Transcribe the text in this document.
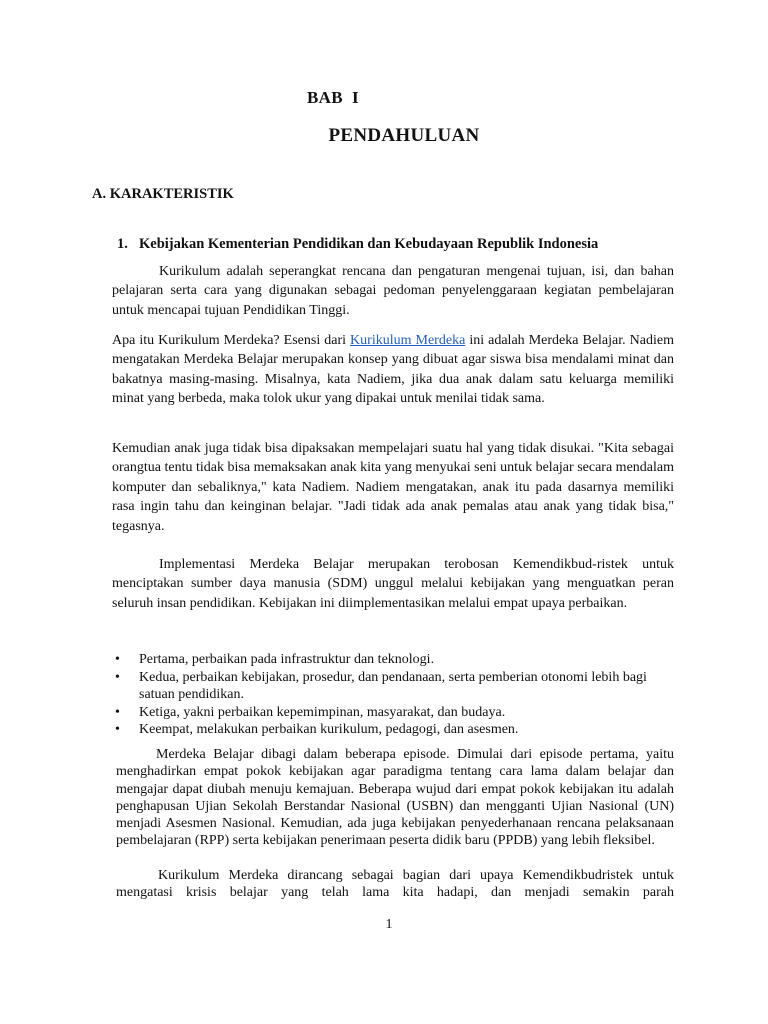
BAB  I
PENDAHULUAN
A. KARAKTERISTIK
1. Kebijakan Kementerian Pendidikan dan Kebudayaan Republik Indonesia

Kurikulum adalah seperangkat rencana dan pengaturan mengenai tujuan, isi, dan bahan pelajaran serta cara yang digunakan sebagai pedoman penyelenggaraan kegiatan pembelajaran untuk mencapai tujuan Pendidikan Tinggi.

Apa itu Kurikulum Merdeka? Esensi dari Kurikulum Merdeka ini adalah Merdeka Belajar. Nadiem mengatakan Merdeka Belajar merupakan konsep yang dibuat agar siswa bisa mendalami minat dan bakatnya masing-masing. Misalnya, kata Nadiem, jika dua anak dalam satu keluarga memiliki minat yang berbeda, maka tolok ukur yang dipakai untuk menilai tidak sama.

Kemudian anak juga tidak bisa dipaksakan mempelajari suatu hal yang tidak disukai. "Kita sebagai orangtua tentu tidak bisa memaksakan anak kita yang menyukai seni untuk belajar secara mendalam komputer dan sebaliknya," kata Nadiem. Nadiem mengatakan, anak itu pada dasarnya memiliki rasa ingin tahu dan keinginan belajar. "Jadi tidak ada anak pemalas atau anak yang tidak bisa," tegasnya.

Implementasi Merdeka Belajar merupakan terobosan Kemendikbud-ristek untuk menciptakan sumber daya manusia (SDM) unggul melalui kebijakan yang menguatkan peran seluruh insan pendidikan. Kebijakan ini diimplementasikan melalui empat upaya perbaikan.

• Pertama, perbaikan pada infrastruktur dan teknologi.
• Kedua, perbaikan kebijakan, prosedur, dan pendanaan, serta pemberian otonomi lebih bagi satuan pendidikan.
• Ketiga, yakni perbaikan kepemimpinan, masyarakat, dan budaya.
• Keempat, melakukan perbaikan kurikulum, pedagogi, dan asesmen.

Merdeka Belajar dibagi dalam beberapa episode. Dimulai dari episode pertama, yaitu menghadirkan empat pokok kebijakan agar paradigma tentang cara lama dalam belajar dan mengajar dapat diubah menuju kemajuan. Beberapa wujud dari empat pokok kebijakan itu adalah penghapusan Ujian Sekolah Berstandar Nasional (USBN) dan mengganti Ujian Nasional (UN) menjadi Asesmen Nasional. Kemudian, ada juga kebijakan penyederhanaan rencana pelaksanaan pembelajaran (RPP) serta kebijakan penerimaan peserta didik baru (PPDB) yang lebih fleksibel.

Kurikulum Merdeka dirancang sebagai bagian dari upaya Kemendikbudristek untuk mengatasi krisis belajar yang telah lama kita hadapi, dan menjadi semakin parah

1
